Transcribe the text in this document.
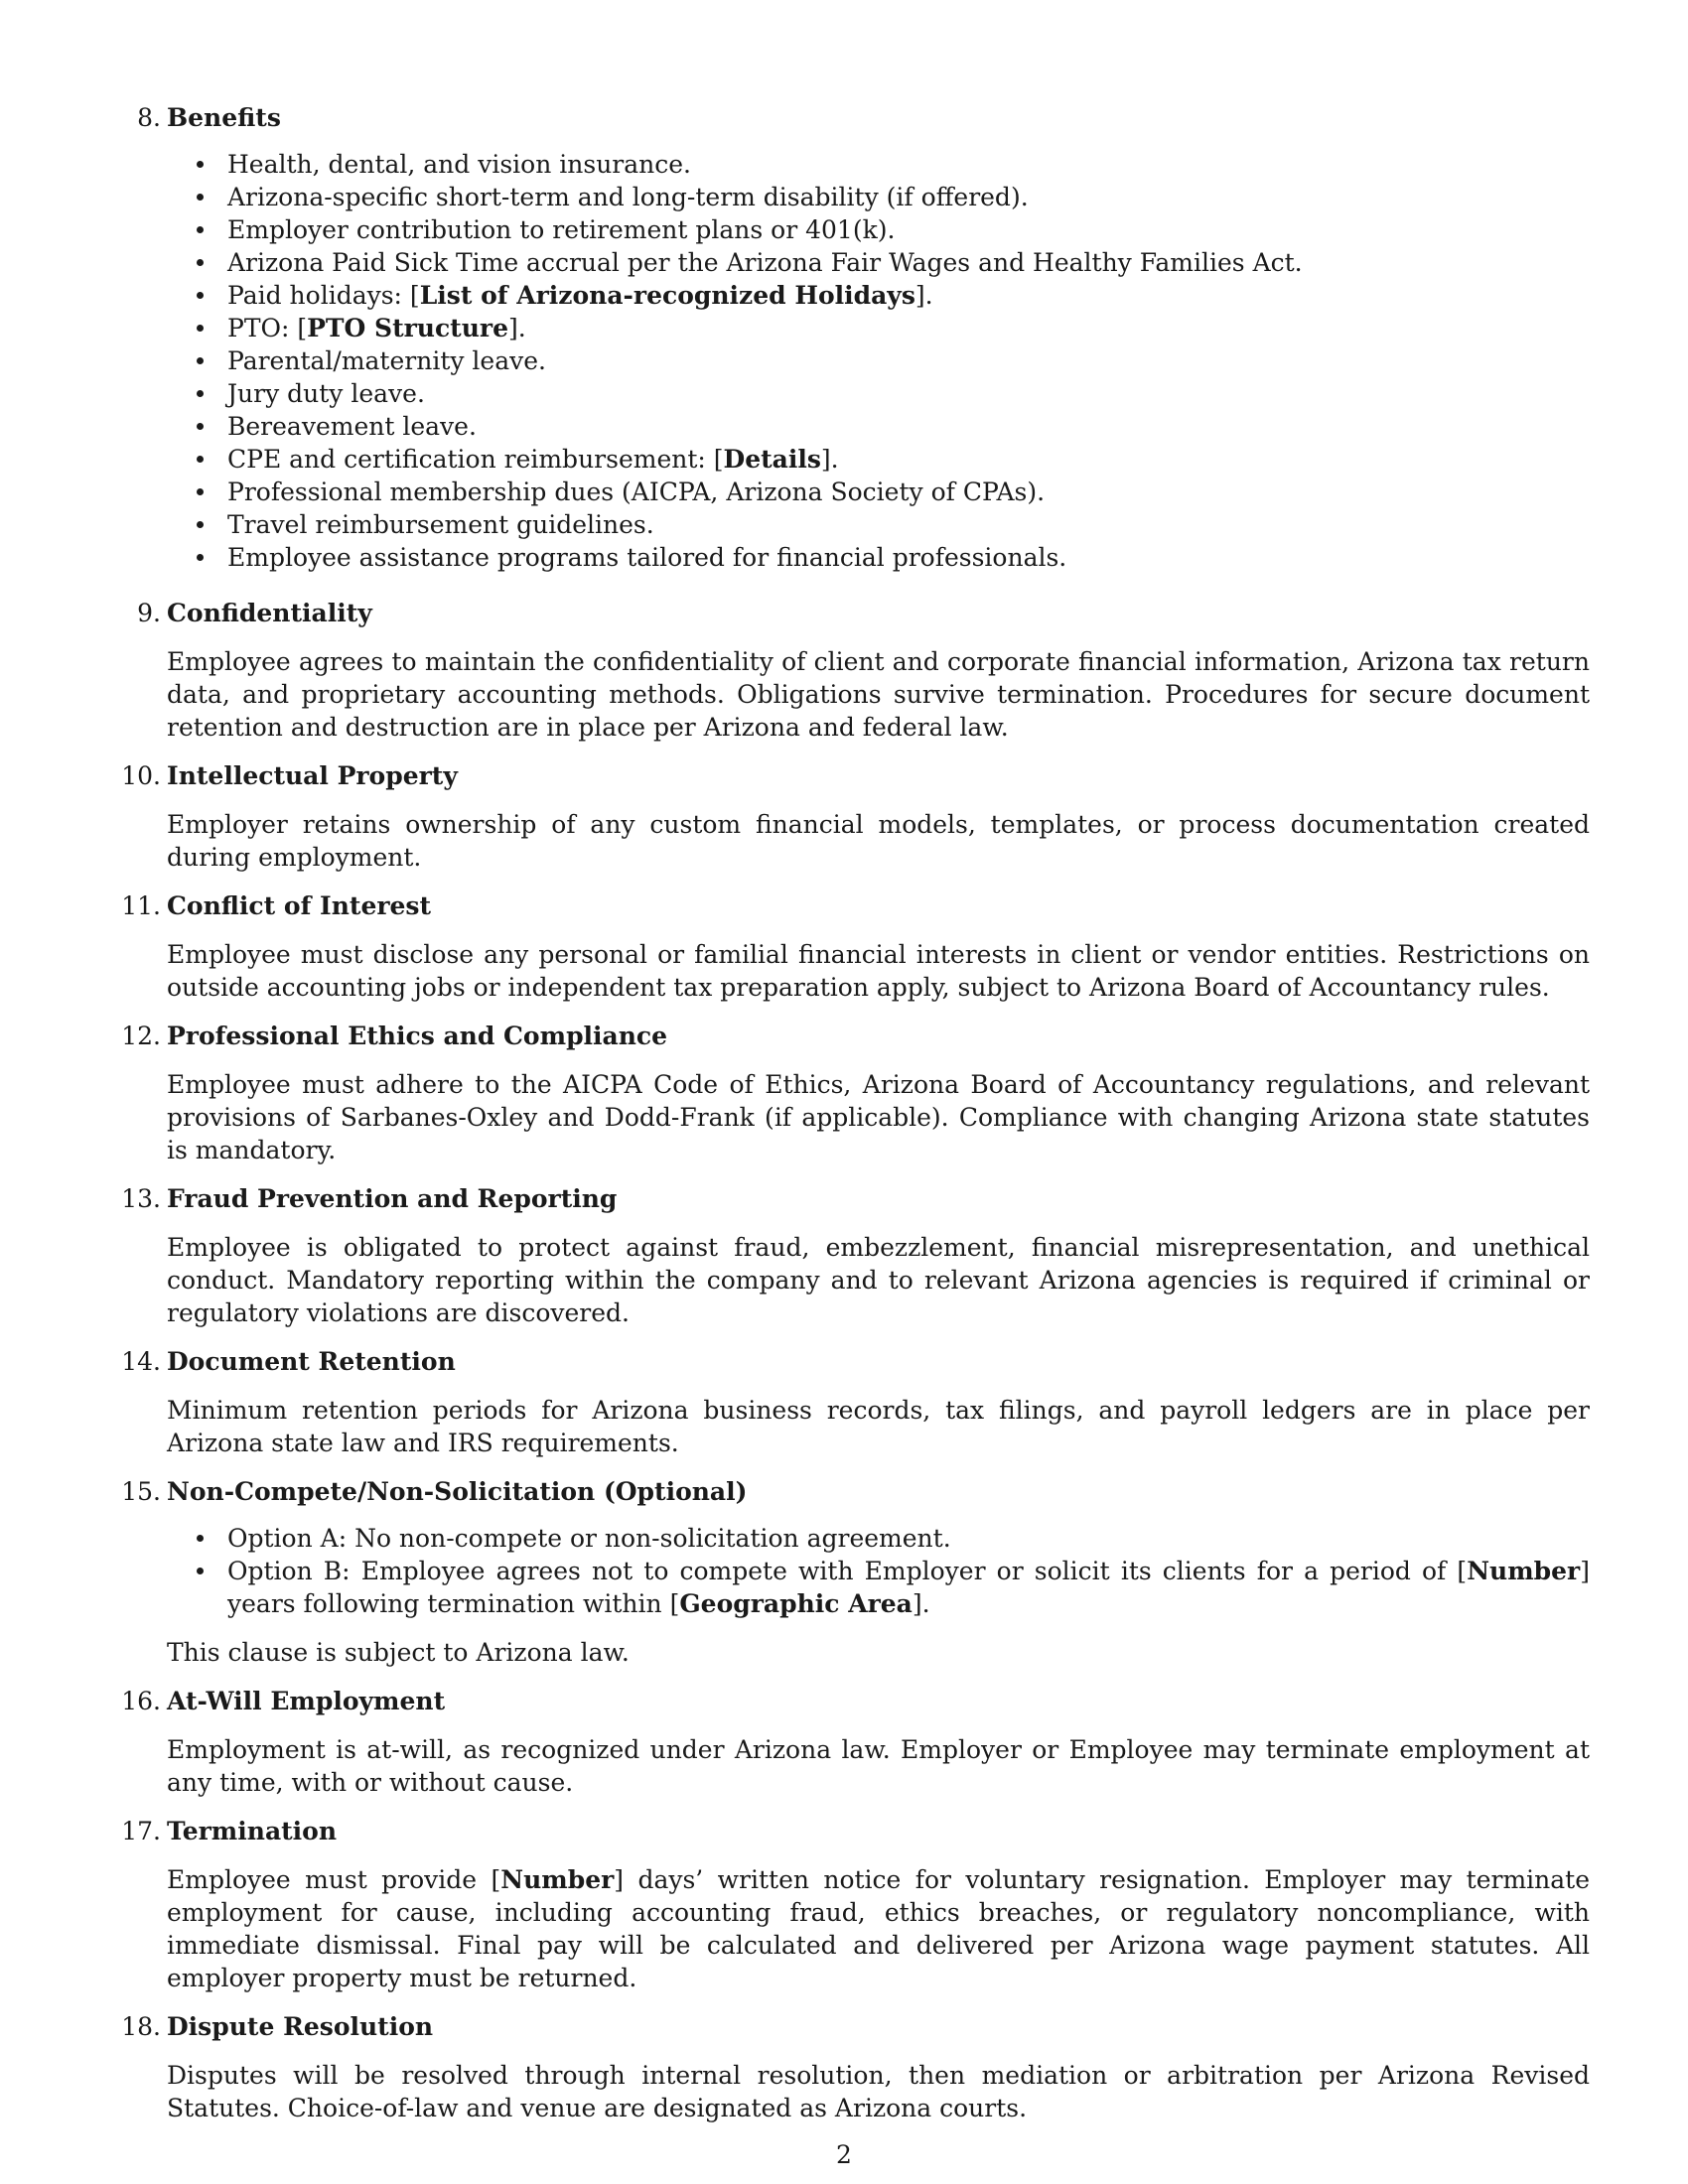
8. Benefits
Health, dental, and vision insurance.
Arizona-specific short-term and long-term disability (if offered).
Employer contribution to retirement plans or 401(k).
Arizona Paid Sick Time accrual per the Arizona Fair Wages and Healthy Families Act.
Paid holidays: [List of Arizona-recognized Holidays].
PTO: [PTO Structure].
Parental/maternity leave.
Jury duty leave.
Bereavement leave.
CPE and certification reimbursement: [Details].
Professional membership dues (AICPA, Arizona Society of CPAs).
Travel reimbursement guidelines.
Employee assistance programs tailored for financial professionals.
9. Confidentiality
Employee agrees to maintain the confidentiality of client and corporate financial information, Arizona tax return data, and proprietary accounting methods. Obligations survive termination. Procedures for secure document retention and destruction are in place per Arizona and federal law.
10. Intellectual Property
Employer retains ownership of any custom financial models, templates, or process documentation created during employment.
11. Conflict of Interest
Employee must disclose any personal or familial financial interests in client or vendor entities. Restrictions on outside accounting jobs or independent tax preparation apply, subject to Arizona Board of Accountancy rules.
12. Professional Ethics and Compliance
Employee must adhere to the AICPA Code of Ethics, Arizona Board of Accountancy regulations, and relevant provisions of Sarbanes-Oxley and Dodd-Frank (if applicable). Compliance with changing Arizona state statutes is mandatory.
13. Fraud Prevention and Reporting
Employee is obligated to protect against fraud, embezzlement, financial misrepresentation, and unethical conduct. Mandatory reporting within the company and to relevant Arizona agencies is required if criminal or regulatory violations are discovered.
14. Document Retention
Minimum retention periods for Arizona business records, tax filings, and payroll ledgers are in place per Arizona state law and IRS requirements.
15. Non-Compete/Non-Solicitation (Optional)
Option A: No non-compete or non-solicitation agreement.
Option B: Employee agrees not to compete with Employer or solicit its clients for a period of [Number] years following termination within [Geographic Area].
This clause is subject to Arizona law.
16. At-Will Employment
Employment is at-will, as recognized under Arizona law. Employer or Employee may terminate employment at any time, with or without cause.
17. Termination
Employee must provide [Number] days’ written notice for voluntary resignation. Employer may terminate employment for cause, including accounting fraud, ethics breaches, or regulatory noncompliance, with immediate dismissal. Final pay will be calculated and delivered per Arizona wage payment statutes. All employer property must be returned.
18. Dispute Resolution
Disputes will be resolved through internal resolution, then mediation or arbitration per Arizona Revised Statutes. Choice-of-law and venue are designated as Arizona courts.
2
